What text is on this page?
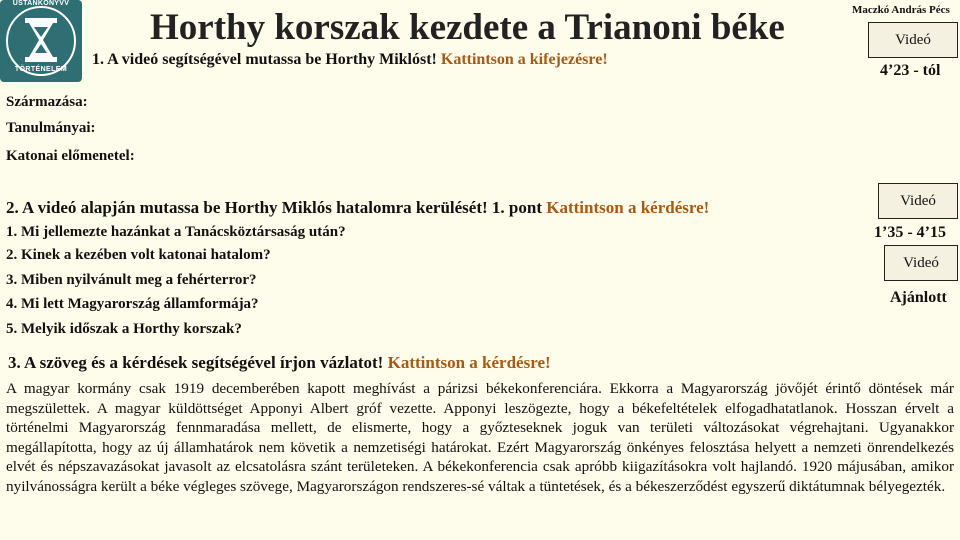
ŰSTANKÖNYVV
TÖRTÉNELEM
Horthy korszak kezdete a Trianoni béke	Maczkó András Pécs
1. A videó segítségével mutassa be Horthy Miklóst! Kattintson a kifejezésre!
Videó
4’23 - tól
Származása:
Tanulmányai:
Katonai előmenetel:
2. A videó alapján mutassa be Horthy Miklós hatalomra kerülését! 1. pont Kattintson a kérdésre!
1. Mi jellemezte hazánkat a Tanácsköztársaság után?
2. Kinek a kezében volt katonai hatalom?
3. Miben nyilvánult meg a fehérterror?
4. Mi lett Magyarország államformája?
5. Melyik időszak a Horthy korszak?
Videó
1’35 - 4’15
Videó
Ajánlott
3. A szöveg és a kérdések segítségével írjon vázlatot! Kattintson a kérdésre!
A magyar kormány csak 1919 decemberében kapott meghívást a párizsi békekonferenciára. Ekkorra a Magyarország jövőjét érintő döntések már megszülettek. A magyar küldöttséget Apponyi Albert gróf vezette. Apponyi leszögezte, hogy a békefeltételek elfogadhatatlanok. Hosszan érvelt a történelmi Magyarország fennmaradása mellett, de elismerte, hogy a győzteseknek joguk van területi változásokat végrehajtani. Ugyanakkor megállapította, hogy az új államhatárok nem követik a nemzetiségi határokat. Ezért Magyarország önkényes felosztása helyett a nemzeti önrendelkezés elvét és népszavazásokat javasolt az elcsatolásra szánt területeken. A békekonferencia csak apróbb kiigazításokra volt hajlandó. 1920 májusában, amikor nyilvánosságra került a béke végleges szövege, Magyarországon rendszeres-sé váltak a tüntetések, és a békeszerződést egyszerű diktátumnak bélyegezték.
